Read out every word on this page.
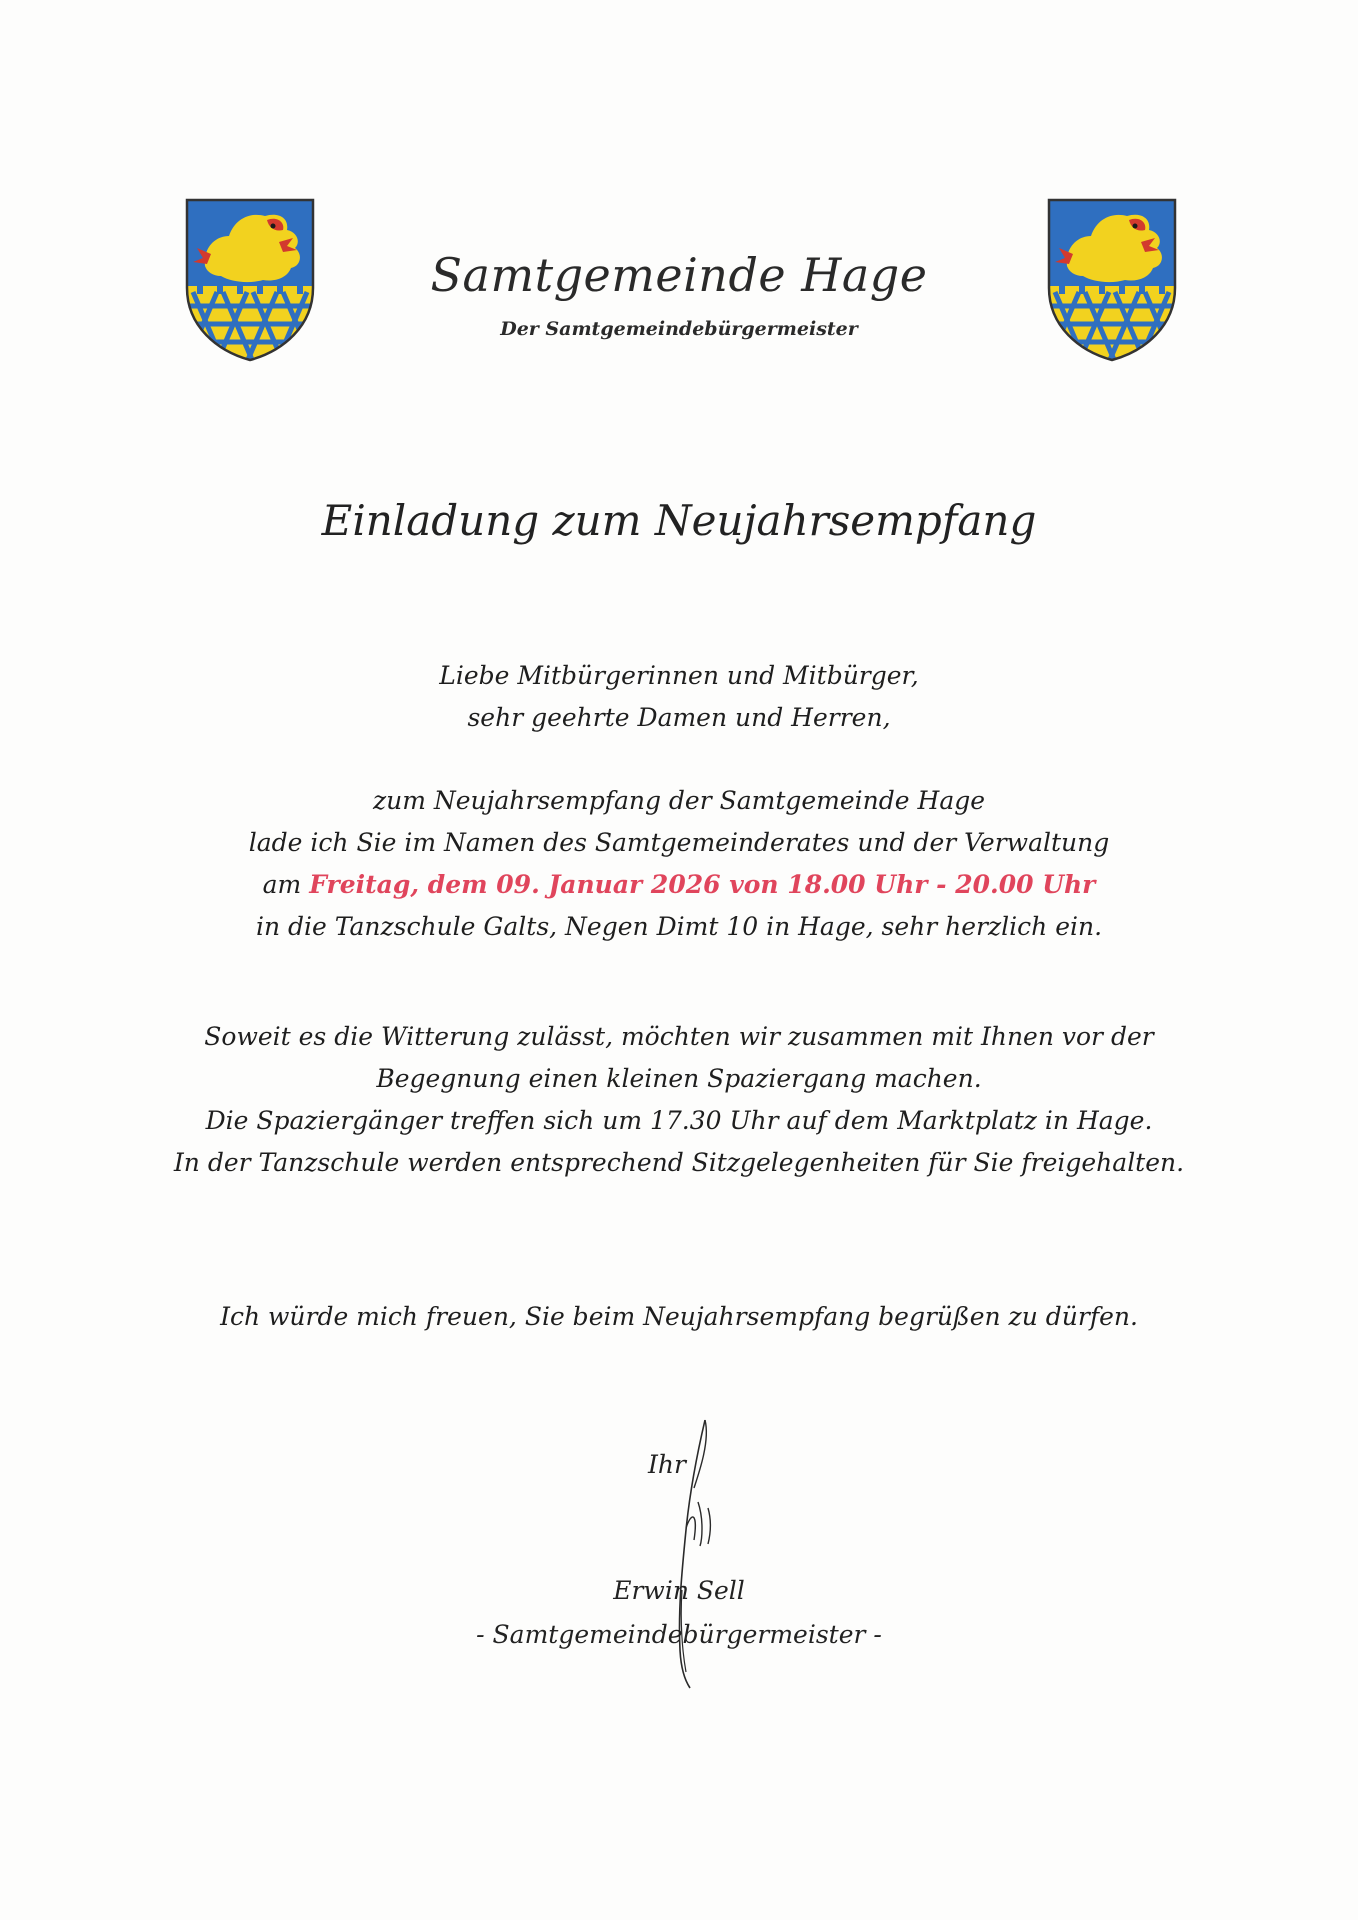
Samtgemeinde Hage
Der Samtgemeindebürgermeister
Einladung zum Neujahrsempfang
Liebe Mitbürgerinnen und Mitbürger,
sehr geehrte Damen und Herren,
zum Neujahrsempfang der Samtgemeinde Hage
lade ich Sie im Namen des Samtgemeinderates und der Verwaltung
am Freitag, dem 09. Januar 2026 von 18.00 Uhr - 20.00 Uhr
in die Tanzschule Galts, Negen Dimt 10 in Hage, sehr herzlich ein.
Soweit es die Witterung zulässt, möchten wir zusammen mit Ihnen vor der
Begegnung einen kleinen Spaziergang machen.
Die Spaziergänger treffen sich um 17.30 Uhr auf dem Marktplatz in Hage.
In der Tanzschule werden entsprechend Sitzgelegenheiten für Sie freigehalten.
Ich würde mich freuen, Sie beim Neujahrsempfang begrüßen zu dürfen.
Ihr
Erwin Sell
- Samtgemeindebürgermeister -
